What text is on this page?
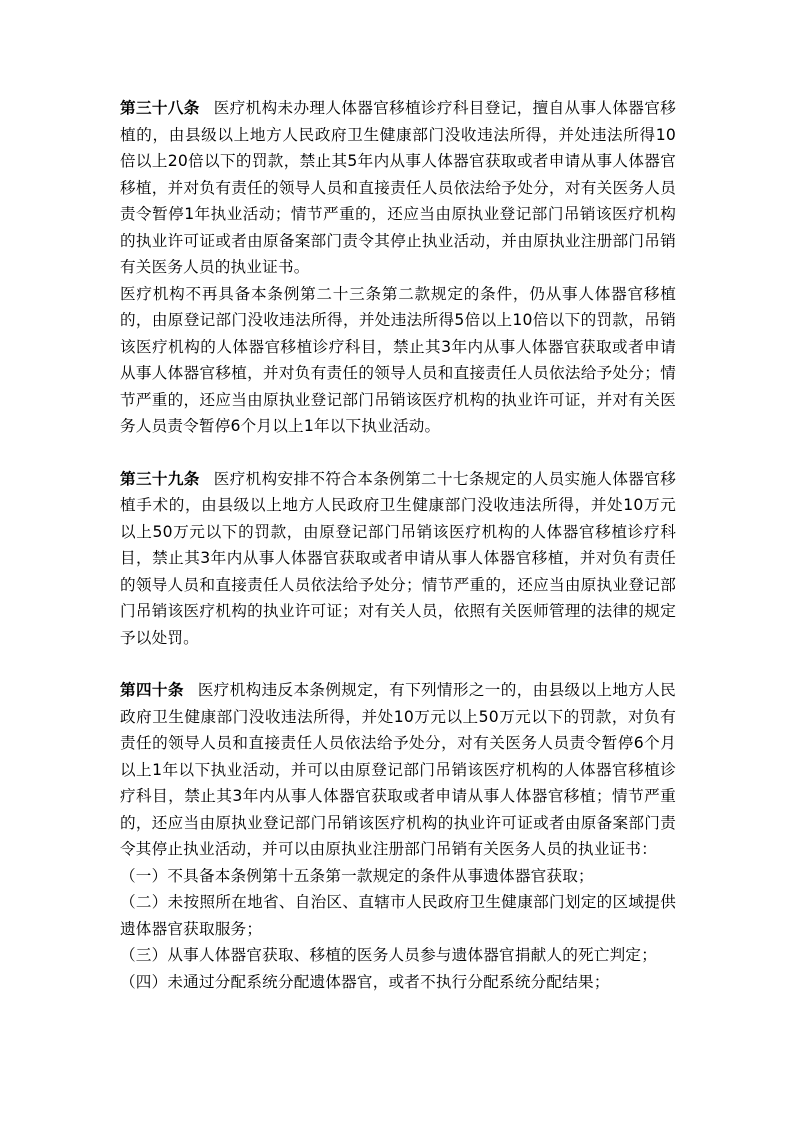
第三十八条 医疗机构未办理人体器官移植诊疗科目登记，擅自从事人体器官移植的，由县级以上地方人民政府卫生健康部门没收违法所得，并处违法所得10倍以上20倍以下的罚款，禁止其5年内从事人体器官获取或者申请从事人体器官移植，并对负有责任的领导人员和直接责任人员依法给予处分，对有关医务人员责令暂停1年执业活动；情节严重的，还应当由原执业登记部门吊销该医疗机构的执业许可证或者由原备案部门责令其停止执业活动，并由原执业注册部门吊销有关医务人员的执业证书。

医疗机构不再具备本条例第二十三条第二款规定的条件，仍从事人体器官移植的，由原登记部门没收违法所得，并处违法所得5倍以上10倍以下的罚款，吊销该医疗机构的人体器官移植诊疗科目，禁止其3年内从事人体器官获取或者申请从事人体器官移植，并对负有责任的领导人员和直接责任人员依法给予处分；情节严重的，还应当由原执业登记部门吊销该医疗机构的执业许可证，并对有关医务人员责令暂停6个月以上1年以下执业活动。

第三十九条 医疗机构安排不符合本条例第二十七条规定的人员实施人体器官移植手术的，由县级以上地方人民政府卫生健康部门没收违法所得，并处10万元以上50万元以下的罚款，由原登记部门吊销该医疗机构的人体器官移植诊疗科目，禁止其3年内从事人体器官获取或者申请从事人体器官移植，并对负有责任的领导人员和直接责任人员依法给予处分；情节严重的，还应当由原执业登记部门吊销该医疗机构的执业许可证；对有关人员，依照有关医师管理的法律的规定予以处罚。

第四十条 医疗机构违反本条例规定，有下列情形之一的，由县级以上地方人民政府卫生健康部门没收违法所得，并处10万元以上50万元以下的罚款，对负有责任的领导人员和直接责任人员依法给予处分，对有关医务人员责令暂停6个月以上1年以下执业活动，并可以由原登记部门吊销该医疗机构的人体器官移植诊疗科目，禁止其3年内从事人体器官获取或者申请从事人体器官移植；情节严重的，还应当由原执业登记部门吊销该医疗机构的执业许可证或者由原备案部门责令其停止执业活动，并可以由原执业注册部门吊销有关医务人员的执业证书：

（一）不具备本条例第十五条第一款规定的条件从事遗体器官获取；

（二）未按照所在地省、自治区、直辖市人民政府卫生健康部门划定的区域提供遗体器官获取服务；

（三）从事人体器官获取、移植的医务人员参与遗体器官捐献人的死亡判定；

（四）未通过分配系统分配遗体器官，或者不执行分配系统分配结果；
